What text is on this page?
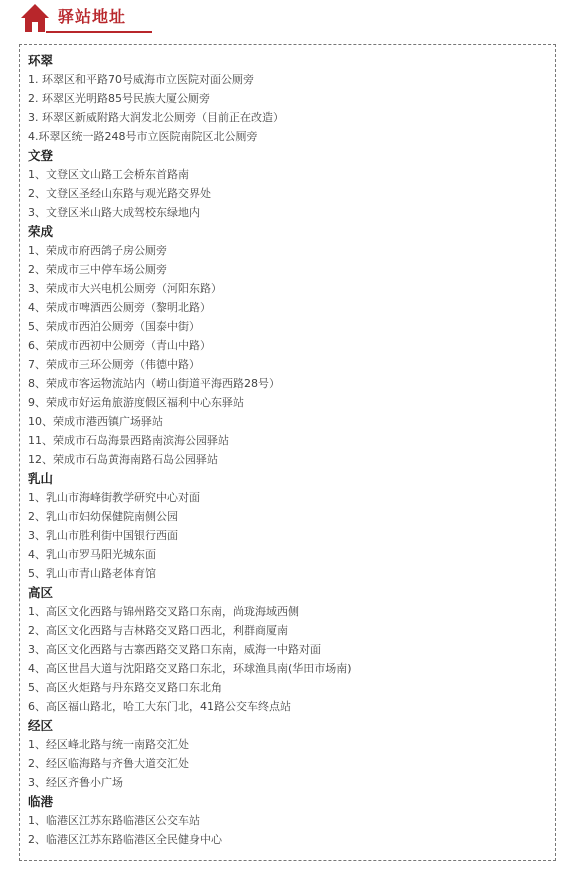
驿站地址
环翠
1. 环翠区和平路70号威海市立医院对面公厕旁
2. 环翠区光明路85号民族大厦公厕旁
3. 环翠区新威附路大润发北公厕旁（目前正在改造）
4.环翠区统一路248号市立医院南院区北公厕旁
文登
1、文登区文山路工会桥东首路南
2、文登区圣经山东路与观光路交界处
3、文登区米山路大成驾校东绿地内
荣成
1、荣成市府西鸽子房公厕旁
2、荣成市三中停车场公厕旁
3、荣成市大兴电机公厕旁（河阳东路）
4、荣成市啤酒西公厕旁（黎明北路）
5、荣成市西泊公厕旁（国泰中街）
6、荣成市西初中公厕旁（青山中路）
7、荣成市三环公厕旁（伟德中路）
8、荣成市客运物流站内（崂山街道平海西路28号）
9、荣成市好运角旅游度假区福利中心东驿站
10、荣成市港西镇广场驿站
11、荣成市石岛海景西路南滨海公园驿站
12、荣成市石岛黄海南路石岛公园驿站
乳山
1、乳山市海峰街教学研究中心对面
2、乳山市妇幼保健院南侧公园
3、乳山市胜利街中国银行西面
4、乳山市罗马阳光城东面
5、乳山市青山路老体育馆
高区
1、高区文化西路与锦州路交叉路口东南，尚珑海域西侧
2、高区文化西路与吉林路交叉路口西北，利群商厦南
3、高区文化西路与古寨西路交叉路口东南，威海一中路对面
4、高区世昌大道与沈阳路交叉路口东北，环球渔具南(华田市场南)
5、高区火炬路与丹东路交叉路口东北角
6、高区福山路北，哈工大东门北，41路公交车终点站
经区
1、经区峰北路与统一南路交汇处
2、经区临海路与齐鲁大道交汇处
3、经区齐鲁小广场
临港
1、临港区江苏东路临港区公交车站
2、临港区江苏东路临港区全民健身中心
